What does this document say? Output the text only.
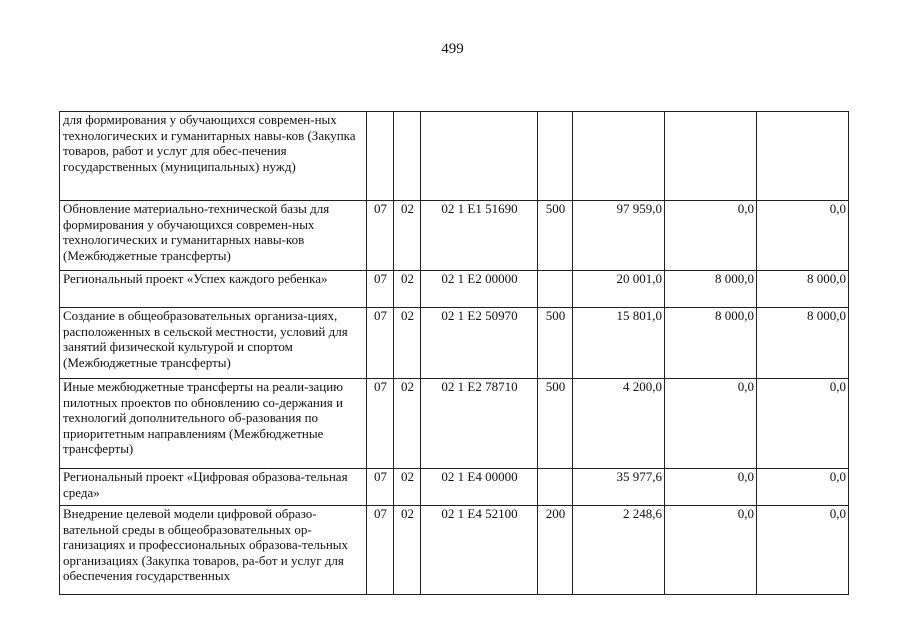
499
для формирования у обучающихся современ-ных технологических и гуманитарных навы-ков (Закупка товаров, работ и услуг для обес-печения государственных (муниципальных) нужд)							
Обновление материально-технической базы для формирования у обучающихся современ-ных технологических и гуманитарных навы-ков (Межбюджетные трансферты)	07	02	02 1 E1 51690	500	97 959,0	0,0	0,0
Региональный проект «Успех каждого ребенка»	07	02	02 1 E2 00000		20 001,0	8 000,0	8 000,0
Создание в общеобразовательных организа-циях, расположенных в сельской местности, условий для занятий физической культурой и спортом (Межбюджетные трансферты)	07	02	02 1 E2 50970	500	15 801,0	8 000,0	8 000,0
Иные межбюджетные трансферты на реали-зацию пилотных проектов по обновлению со-держания и технологий дополнительного об-разования по приоритетным направлениям (Межбюджетные трансферты)	07	02	02 1 E2 78710	500	4 200,0	0,0	0,0
Региональный проект «Цифровая образова-тельная среда»	07	02	02 1 E4 00000		35 977,6	0,0	0,0
Внедрение целевой модели цифровой образо-вательной среды в общеобразовательных ор-ганизациях и профессиональных образова-тельных организациях (Закупка товаров, ра-бот и услуг для обеспечения государственных	07	02	02 1 E4 52100	200	2 248,6	0,0	0,0
